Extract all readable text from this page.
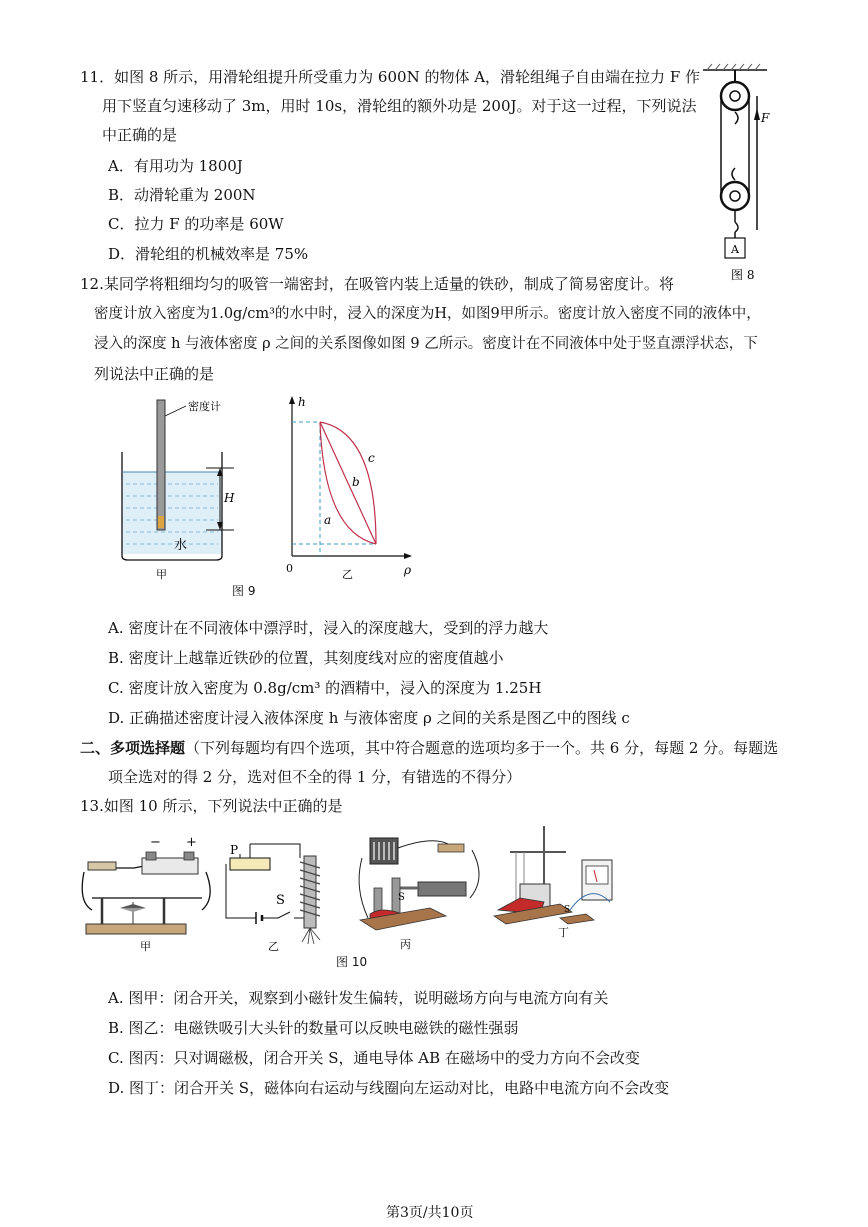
11．如图 8 所示，用滑轮组提升所受重力为 600N 的物体 A，滑轮组绳子自由端在拉力 F 作
用下竖直匀速移动了 3m，用时 10s，滑轮组的额外功是 200J。对于这一过程，下列说法
中正确的是
A．有用功为 1800J
B．动滑轮重为 200N
C．拉力 F 的功率是 60W
D．滑轮组的机械效率是 75%	A
F
图 8
12.某同学将粗细均匀的吸管一端密封，在吸管内装上适量的铁砂，制成了简易密度计。将
密度计放入密度为1.0g/cm³的水中时，浸入的深度为H，如图9甲所示。密度计放入密度不同的液体中，
浸入的深度 h 与液体密度 ρ 之间的关系图像如图 9 乙所示。密度计在不同液体中处于竖直漂浮状态，下
列说法中正确的是
密度计
H
水
甲
h
ρ
0
a
b
c
乙
图 9
A. 密度计在不同液体中漂浮时，浸入的深度越大，受到的浮力越大
B. 密度计上越靠近铁砂的位置，其刻度线对应的密度值越小
C. 密度计放入密度为 0.8g/cm³ 的酒精中，浸入的深度为 1.25H
D. 正确描述密度计浸入液体深度 h 与液体密度 ρ 之间的关系是图乙中的图线 c
二、多项选择题（下列每题均有四个选项，其中符合题意的选项均多于一个。共 6 分，每题 2 分。每题选
项全选对的得 2 分，选对但不全的得 1 分，有错选的不得分）
13.如图 10 所示，下列说法中正确的是
− +
甲
P
S
乙
S
丙
S
丁
图 10
A. 图甲：闭合开关，观察到小磁针发生偏转，说明磁场方向与电流方向有关
B. 图乙：电磁铁吸引大头针的数量可以反映电磁铁的磁性强弱
C. 图丙：只对调磁极，闭合开关 S，通电导体 AB 在磁场中的受力方向不会改变
D. 图丁：闭合开关 S，磁体向右运动与线圈向左运动对比，电路中电流方向不会改变
第3页/共10页
